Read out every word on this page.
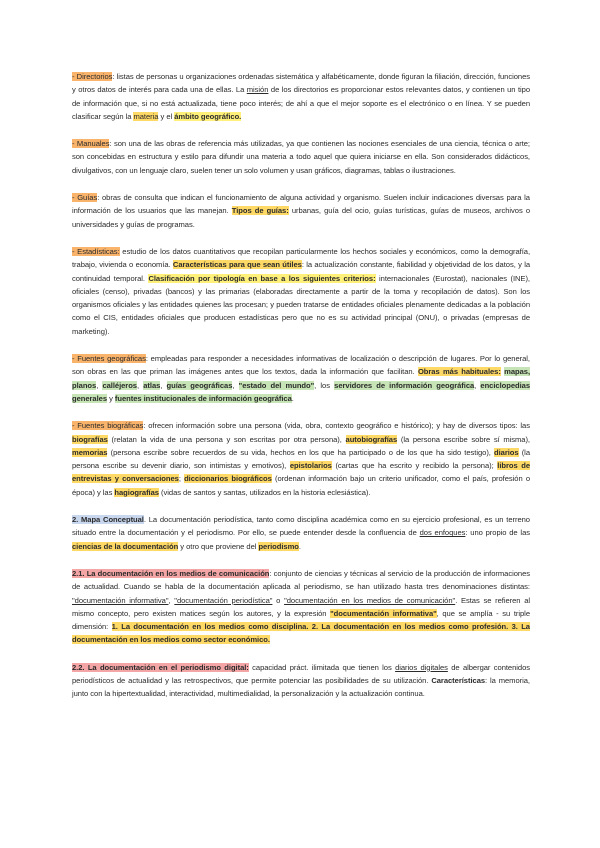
- Directorios: listas de personas u organizaciones ordenadas sistemática y alfabéticamente, donde figuran la filiación, dirección, funciones y otros datos de interés para cada una de ellas. La misión de los directorios es proporcionar estos relevantes datos, y contienen un tipo de información que, si no está actualizada, tiene poco interés; de ahí a que el mejor soporte es el electrónico o en línea. Y se pueden clasificar según la materia y el ámbito geográfico.

- Manuales: son una de las obras de referencia más utilizadas, ya que contienen las nociones esenciales de una ciencia, técnica o arte; son concebidas en estructura y estilo para difundir una materia a todo aquel que quiera iniciarse en ella. Son considerados didácticos, divulgativos, con un lenguaje claro, suelen tener un solo volumen y usan gráficos, diagramas, tablas o ilustraciones.

- Guías: obras de consulta que indican el funcionamiento de alguna actividad y organismo. Suelen incluir indicaciones diversas para la información de los usuarios que las manejan. Tipos de guías: urbanas, guía del ocio, guías turísticas, guías de museos, archivos o universidades y guías de programas.

- Estadísticas: estudio de los datos cuantitativos que recopilan particularmente los hechos sociales y económicos, como la demografía, trabajo, vivienda o economía. Características para que sean útiles: la actualización constante, fiabilidad y objetividad de los datos, y la continuidad temporal. Clasificación por tipología en base a los siguientes criterios: internacionales (Eurostat), nacionales (INE), oficiales (censo), privadas (bancos) y las primarias (elaboradas directamente a partir de la toma y recopilación de datos). Son los organismos oficiales y las entidades quienes las procesan; y pueden tratarse de entidades oficiales plenamente dedicadas a la población como el CIS, entidades oficiales que producen estadísticas pero que no es su actividad principal (ONU), o privadas (empresas de marketing).

- Fuentes geográficas: empleadas para responder a necesidades informativas de localización o descripción de lugares. Por lo general, son obras en las que priman las imágenes antes que los textos, dada la información que facilitan. Obras más habituales: mapas, planos, calléjeros, atlas, guías geográficas, "estado del mundo", los servidores de información geográfica, enciclopedias generales y fuentes institucionales de información geográfica.

- Fuentes biográficas: ofrecen información sobre una persona (vida, obra, contexto geográfico e histórico); y hay de diversos tipos: las biografías (relatan la vida de una persona y son escritas por otra persona), autobiografías (la persona escribe sobre sí misma), memorias (persona escribe sobre recuerdos de su vida, hechos en los que ha participado o de los que ha sido testigo), diarios (la persona escribe su devenir diario, son intimistas y emotivos), epistolarios (cartas que ha escrito y recibido la persona); libros de entrevistas y conversaciones; diccionarios biográficos (ordenan información bajo un criterio unificador, como el país, profesión o época) y las hagiografías (vidas de santos y santas, utilizados en la historia eclesiástica).

2. Mapa Conceptual. La documentación periodística, tanto como disciplina académica como en su ejercicio profesional, es un terreno situado entre la documentación y el periodismo. Por ello, se puede entender desde la confluencia de dos enfoques: uno propio de las ciencias de la documentación y otro que proviene del periodismo.

2.1. La documentación en los medios de comunicación: conjunto de ciencias y técnicas al servicio de la producción de informaciones de actualidad. Cuando se habla de la documentación aplicada al periodismo, se han utilizado hasta tres denominaciones distintas: "documentación informativa", "documentación periodística" o "documentación en los medios de comunicación". Estas se refieren al mismo concepto, pero existen matices según los autores, y la expresión "documentación informativa", que se amplía - su triple dimensión: 1. La documentación en los medios como disciplina. 2. La documentación en los medios como profesión. 3. La documentación en los medios como sector económico.

2.2. La documentación en el periodismo digital: capacidad práct. ilimitada que tienen los diarios digitales de albergar contenidos periodísticos de actualidad y las retrospectivos, que permite potenciar las posibilidades de su utilización. Características: la memoria, junto con la hipertextualidad, interactividad, multimedialidad, la personalización y la actualización continua.
